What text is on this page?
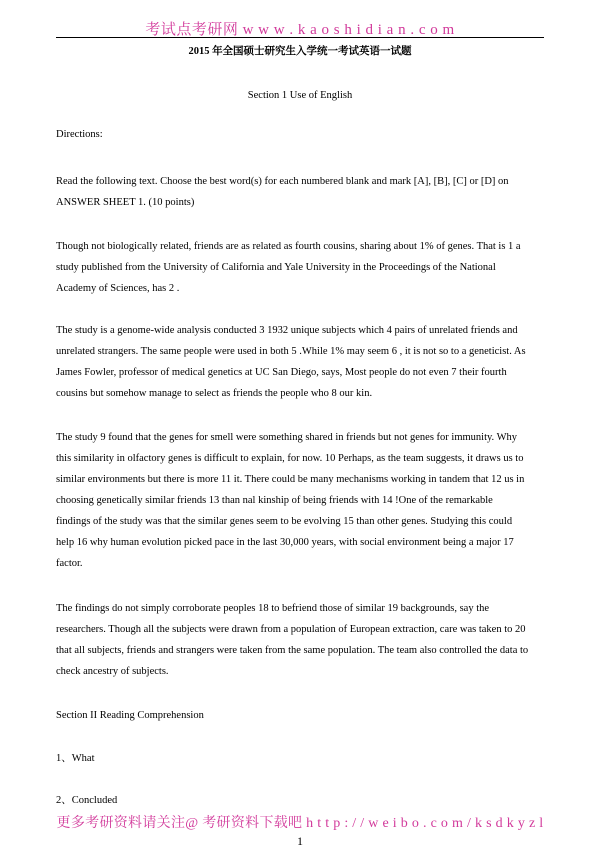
考试点考研网 w w w . k a o s h i d i a n . c o m
2015 年全国硕士研究生入学统一考试英语一试题
Section 1 Use of English
Directions:
Read the following text. Choose the best word(s) for each numbered blank and mark [A], [B], [C] or [D] on
ANSWER SHEET 1. (10 points)
Though not biologically related, friends are as related as fourth cousins, sharing about 1% of genes. That is 1 a
study published from the University of California and Yale University in the Proceedings of the National
Academy of Sciences, has 2 .
The study is a genome-wide analysis conducted 3 1932 unique subjects which 4 pairs of unrelated friends and
unrelated strangers. The same people were used in both 5 .While 1% may seem 6 , it is not so to a geneticist. As
James Fowler, professor of medical genetics at UC San Diego, says, Most people do not even 7 their fourth
cousins but somehow manage to select as friends the people who 8 our kin.
The study 9 found that the genes for smell were something shared in friends but not genes for immunity. Why
this similarity in olfactory genes is difficult to explain, for now. 10 Perhaps, as the team suggests, it draws us to
similar environments but there is more 11 it. There could be many mechanisms working in tandem that 12 us in
choosing genetically similar friends 13 than nal kinship of being friends with 14 !One of the remarkable
findings of the study was that the similar genes seem to be evolving 15 than other genes. Studying this could
help 16 why human evolution picked pace in the last 30,000 years, with social environment being a major 17
factor.
The findings do not simply corroborate peoples 18 to befriend those of similar 19 backgrounds, say the
researchers. Though all the subjects were drawn from a population of European extraction, care was taken to 20
that all subjects, friends and strangers were taken from the same population. The team also controlled the data to
check ancestry of subjects.
Section II Reading Comprehension
1、What
2、Concluded
更多考研资料请关注@ 考研资料下载吧 h t t p : / / w e i b o . c o m / k s d k y z l
1
